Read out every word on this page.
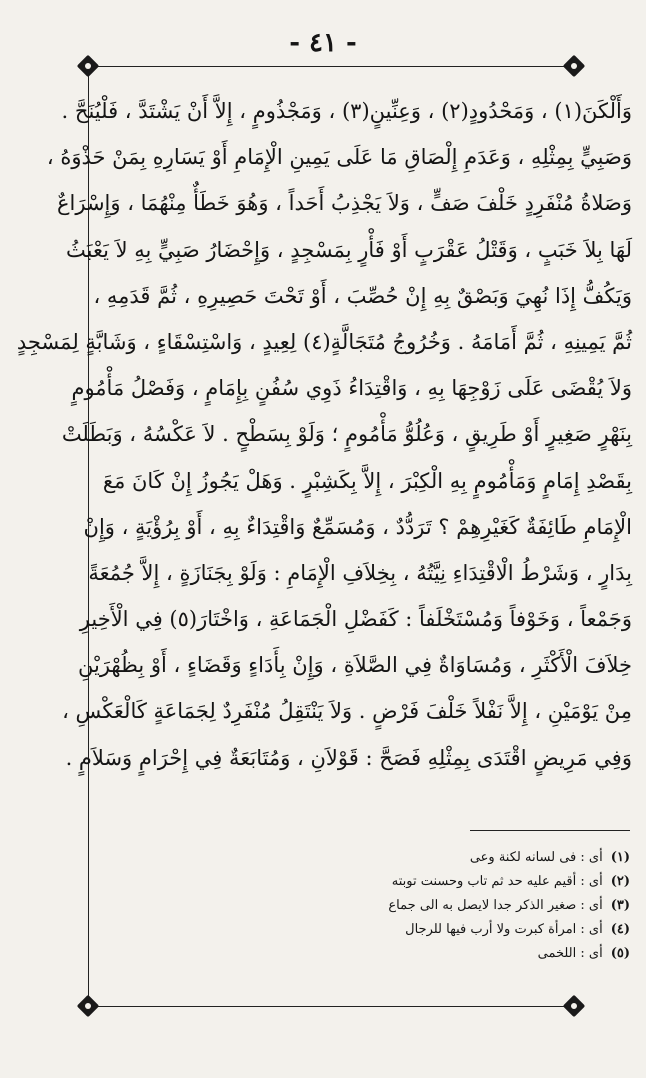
- ٤١ -
وَأَلْكَنَ(١) ، وَمَحْدُودٍ(٢) ، وَعِنِّينٍ(٣) ، وَمَجْذُومٍ ، إِلاَّ أَنْ يَشْتَدَّ ، فَلْيُنَحَّ .
وَصَبِيٍّ بِمِثْلِهِ ، وَعَدَمِ إِلْصَاقِ مَا عَلَى يَمِينِ الْإِمَامِ أَوْ يَسَارِهِ بِمَنْ حَذْوَهُ ،
وَصَلاةُ مُنْفَرِدٍ خَلْفَ صَفٍّ ، وَلاَ يَجْذِبُ أَحَداً ، وَهُوَ خَطَأٌ مِنْهُمَا ، وَإِسْرَاعٌ
لَهَا بِلاَ خَبَبٍ ، وَقَتْلُ عَقْرَبٍ أَوْ فَأْرٍ بِمَسْجِدٍ ، وَإِحْضَارُ صَبِيٍّ بِهِ لاَ يَعْبَثُ
وَيَكُفُّ إِذَا نُهِيَ وَبَصْقٌ بِهِ إِنْ حُصِّبَ ، أَوْ تَحْتَ حَصِيرِهِ ، ثُمَّ قَدَمِهِ ،
ثُمَّ يَمِينِهِ ، ثُمَّ أَمَامَهُ . وَخُرُوجُ مُتَجَالَّةٍ(٤) لِعِيدٍ ، وَاسْتِسْقَاءٍ ، وَشَابَّةٍ لِمَسْجِدٍ
وَلاَ يُقْضَى عَلَى زَوْجِهَا بِهِ ، وَاقْتِدَاءُ ذَوِي سُفُنٍ بِإِمَامٍ ، وَفَصْلُ مَأْمُومٍ
بِنَهْرٍ صَغِيرٍ أَوْ طَرِيقٍ ، وَعُلُوُّ مَأْمُومٍ ؛ وَلَوْ بِسَطْحٍ . لاَ عَكْسُهُ ، وَبَطَلَتْ
بِقَصْدِ إِمَامٍ وَمَأْمُومٍ بِهِ الْكِبْرَ ، إِلاَّ بِكَشِبْرٍ . وَهَلْ يَجُوزُ إِنْ كَانَ مَعَ
الْإِمَامِ طَائِفَةٌ كَغَيْرِهِمْ ؟ تَرَدُّدٌ ، وَمُسَمِّعٌ وَاقْتِدَاءٌ بِهِ ، أَوْ بِرُؤْيَةٍ ، وَإِنْ
بِدَارٍ ، وَشَرْطُ الْاقْتِدَاءِ نِيَّتُهُ ، بِخِلاَفِ الْإِمَامِ : وَلَوْ بِجَنَازَةٍ ، إِلاَّ جُمُعَةً
وَجَمْعاً ، وَخَوْفاً وَمُسْتَخْلَفاً : كَفَضْلِ الْجَمَاعَةِ ، وَاخْتَارَ(٥) فِي الْأَخِيرِ
خِلاَفَ الْأَكْثَرِ ، وَمُسَاوَاةٌ فِي الصَّلاَةِ ، وَإِنْ بِأَدَاءٍ وَقَضَاءٍ ، أَوْ بِظُهْرَيْنِ
مِنْ يَوْمَيْنِ ، إِلاَّ نَفْلاً خَلْفَ فَرْضٍ . وَلاَ يَنْتَقِلُ مُنْفَرِدٌ لِجَمَاعَةٍ كَالْعَكْسِ ،
وَفِي مَرِيضٍ اقْتَدَى بِمِثْلِهِ فَصَحَّ : قَوْلاَنِ ، وَمُتَابَعَةٌ فِي إِحْرَامٍ وَسَلاَمٍ .
(١)أى : فى لسانه لكنة وعى
(٢)أى : أقيم عليه حد ثم تاب وحسنت توبته
(٣)أى : صغير الذكر جدا لايصل به الى جماع
(٤)أى : امرأة كبرت ولا أرب فيها للرجال
(٥)أى : اللخمى
